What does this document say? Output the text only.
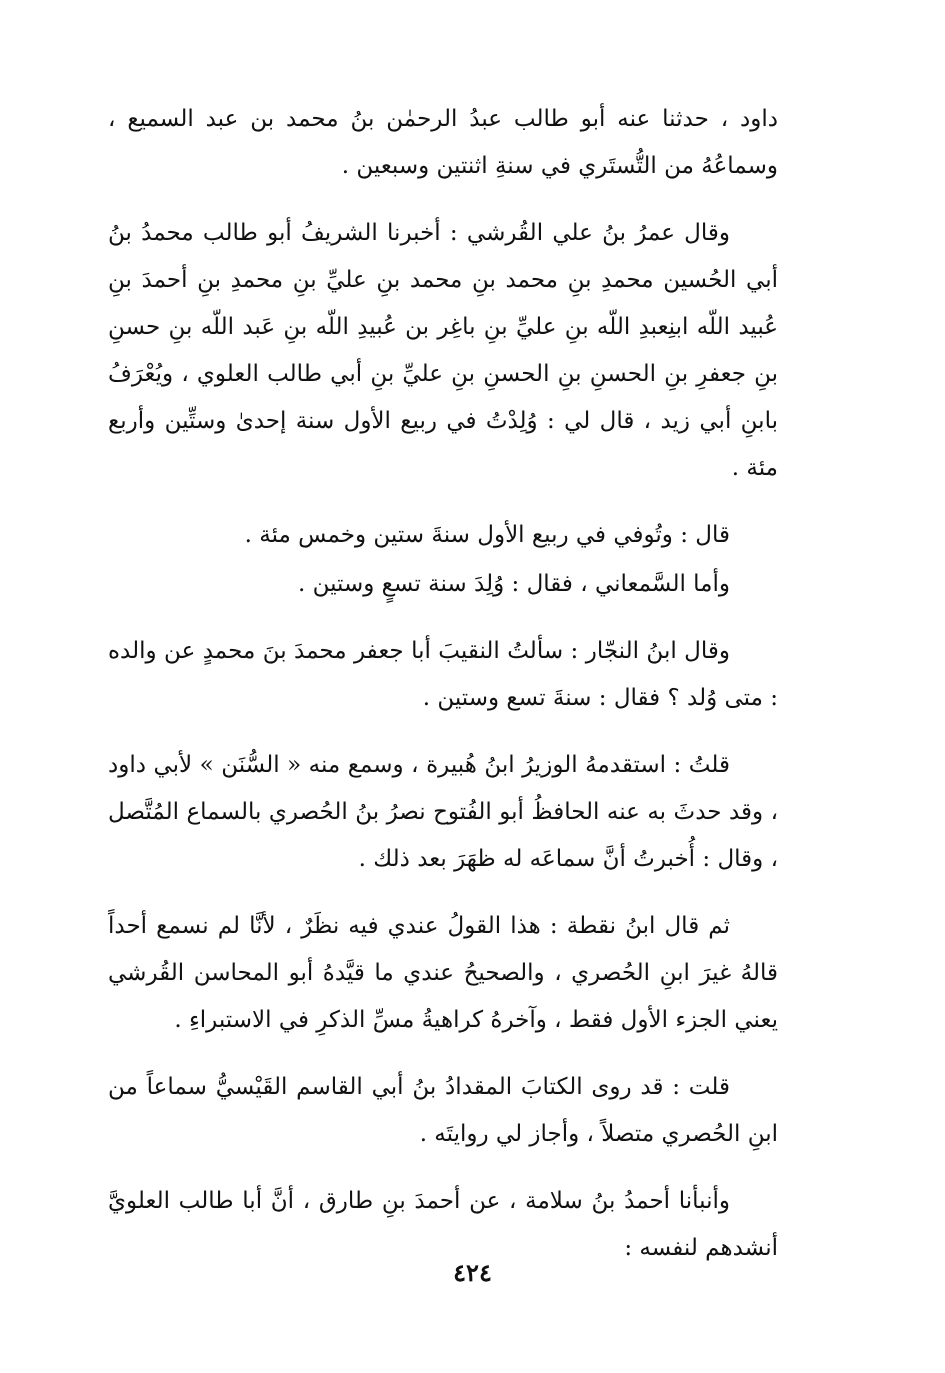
داود ، حدثنا عنه أبو طالب عبدُ الرحمٰن بنُ محمد بن عبد السميع ، وسماعُهُ من التُّستَري في سنةِ اثنتين وسبعين .

وقال عمرُ بنُ علي القُرشي : أخبرنا الشريفُ أبو طالب محمدُ بنُ أبي الحُسين محمدِ بنِ محمد بنِ محمد بنِ عليِّ بنِ محمدِ بنِ أحمدَ بنِ عُبيد اللّه ابنِعبدِ اللّه بنِ عليِّ بنِ باغِر بن عُبيدِ اللّه بنِ عَبد اللّه بنِ حسنِ بنِ جعفرِ بنِ الحسنِ بنِ الحسنِ بنِ عليِّ بنِ أبي طالب العلوي ، ويُعْرَفُ بابنِ أبي زيد ، قال لي : وُلِدْتُ في ربيع الأول سنة إحدىٰ وستِّين وأربع مئة .

قال : وتُوفي في ربيع الأول سنةَ ستين وخمس مئة .

وأما السَّمعاني ، فقال : وُلِدَ سنة تسعٍ وستين .

وقال ابنُ النجّار : سألتُ النقيبَ أبا جعفر محمدَ بنَ محمدٍ عن والده : متى وُلد ؟ فقال : سنةَ تسع وستين .

قلتُ : استقدمهُ الوزيرُ ابنُ هُبيرة ، وسمع منه « السُّنَن » لأبي داود ، وقد حدثَ به عنه الحافظُ أبو الفُتوح نصرُ بنُ الحُصري بالسماع المُتَّصل ، وقال : أُخبرتُ أنَّ سماعَه له ظهَرَ بعد ذلك .

ثم قال ابنُ نقطة : هذا القولُ عندي فيه نظَرٌ ، لأنَّا لم نسمع أحداً قالهُ غيرَ ابنِ الحُصري ، والصحيحُ عندي ما قيَّدهُ أبو المحاسن القُرشي يعني الجزء الأول فقط ، وآخرهُ كراهيةُ مسِّ الذكرِ في الاستبراءِ .

قلت : قد روى الكتابَ المقدادُ بنُ أبي القاسم القَيْسيُّ سماعاً من ابنِ الحُصري متصلاً ، وأجاز لي روايتَه .

وأنبأنا أحمدُ بنُ سلامة ، عن أحمدَ بنِ طارق ، أنَّ أبا طالب العلويَّ أنشدهم لنفسه :

٤٢٤
